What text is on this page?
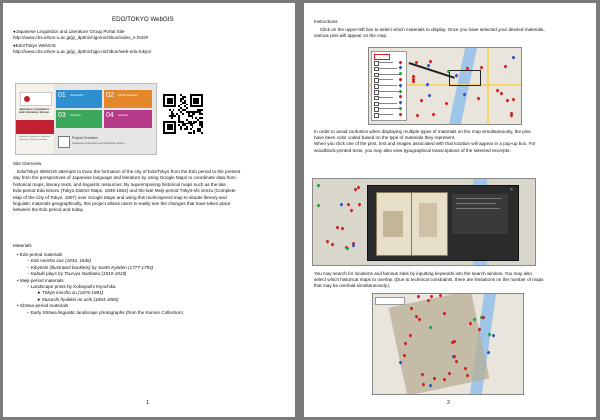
EDO/TOKYO WebGIS
●Japanese Linguistics and Literature Group Portal Site
http://www.chs.nihon-u.ac.jp/jp_dpt/nichigo/nichibun/index_e.html#
●Edo/Tokyo WebGIS
http://www.chs.nihon-u.ac.jp/jp_dpt/nichigo-nichibun/web-edo-tokyo/
Japanese Linguistics and Literature Group
Japanese Linguistics, Japanese Literature, Chinese Literature
01 Introduction	02 Faculty Members
03 Research	04 Archives
Project Overview
Japanese Linguistics and Literature Group
Site Overview
Edo/Tokyo WebGIS attempts to trace the formation of the city of Edo/Tokyo from the Edo period to the present
day from the perspectives of Japanese language and literature by using Google Maps to coordinate data from
historical maps, literary texts, and linguistic resources. By superimposing historical maps such as the late
Edo-period Edo kiriezu (Tokyo District Maps, 1849-1862) and the late Meiji-period Tōkyō-shi zenzu (Complete
Map of the City of Tokyo, 1907) over Google Maps and using this multi-layered map to situate literary and
linguistic materials geographically, this project allows users to easily see the changes that have taken place
between the Edo period and today.
Materials
• Edo-period materials
– Edo meisho zue (1834, 1836)
– Kibyōshi (illustrated booklets) by Santō Kyōden (1777-1793)
– Kabuki plays by Tsuruya Nanboku (1810-1819)
• Meiji-period materials
– Landscape prints by Kobayashi Kiyochika
➤ Tōkyō meisho zu (1876-1881)
➤ Musashi hyakkei no uchi (1884-1885)
• Shōwa-period materials
– Early Shōwa linguistic landscape photographs (from the Kamon Collection)
1
Instructions
Click on the upper-left box to select which materials to display. Once you have selected your desired materials,
various pins will appear on the map.
In order to avoid confusion when displaying multiple types of materials on the map simultaneously, the pins
have been color coded based on the type of materials they represent.
When you click one of the pins, text and images associated with that location will appear in a pop-up box. For
woodblock-printed texts, you may also view typographical transcriptions of the selected excerpts.
×
You may search for locations and famous sites by inputting keywords into the search window. You may also
select which historical maps to overlay. (Due to technical constraints, there are limitations on the number of maps
that may be overlaid simultaneously.)
2
